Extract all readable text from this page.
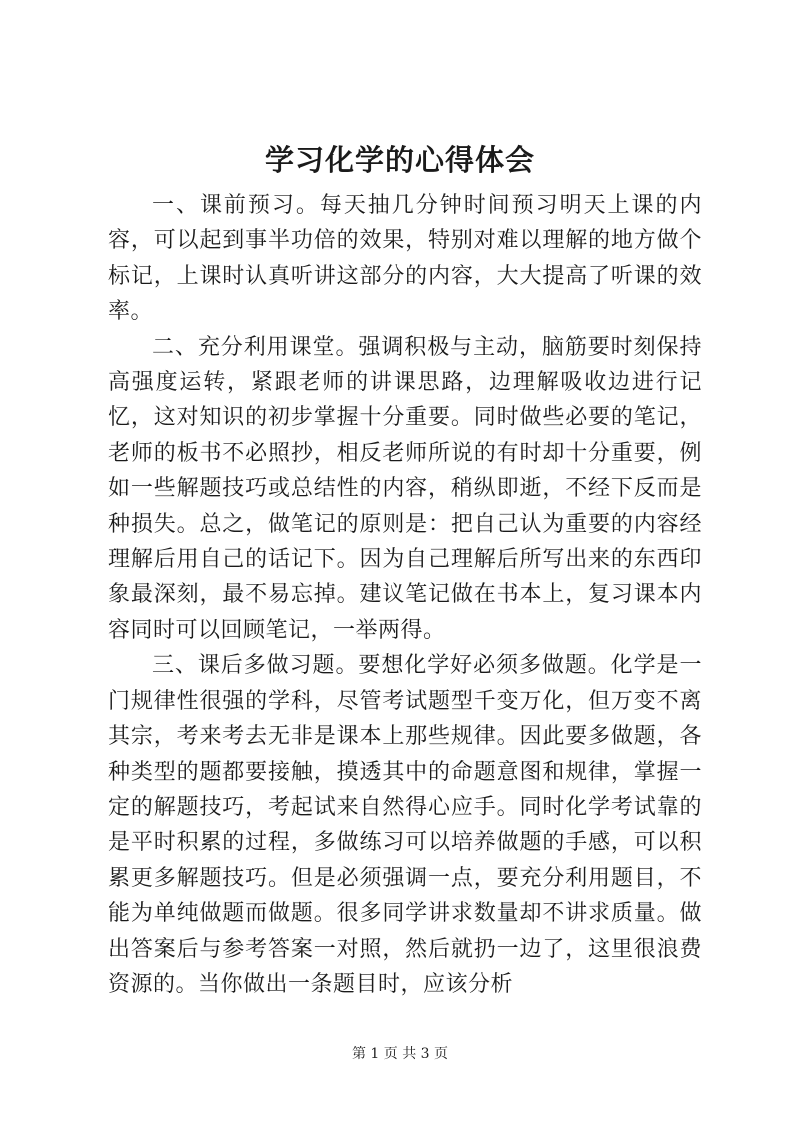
学习化学的心得体会

一、课前预习。每天抽几分钟时间预习明天上课的内容，可以起到事半功倍的效果，特别对难以理解的地方做个标记，上课时认真听讲这部分的内容，大大提高了听课的效率。

二、充分利用课堂。强调积极与主动，脑筋要时刻保持高强度运转，紧跟老师的讲课思路，边理解吸收边进行记忆，这对知识的初步掌握十分重要。同时做些必要的笔记，老师的板书不必照抄，相反老师所说的有时却十分重要，例如一些解题技巧或总结性的内容，稍纵即逝，不经下反而是种损失。总之，做笔记的原则是：把自己认为重要的内容经理解后用自己的话记下。因为自己理解后所写出来的东西印象最深刻，最不易忘掉。建议笔记做在书本上，复习课本内容同时可以回顾笔记，一举两得。

三、课后多做习题。要想化学好必须多做题。化学是一门规律性很强的学科，尽管考试题型千变万化，但万变不离其宗，考来考去无非是课本上那些规律。因此要多做题，各种类型的题都要接触，摸透其中的命题意图和规律，掌握一定的解题技巧，考起试来自然得心应手。同时化学考试靠的是平时积累的过程，多做练习可以培养做题的手感，可以积累更多解题技巧。但是必须强调一点，要充分利用题目，不能为单纯做题而做题。很多同学讲求数量却不讲求质量。做出答案后与参考答案一对照，然后就扔一边了，这里很浪费资源的。当你做出一条题目时，应该分析

第 1 页 共 3 页
